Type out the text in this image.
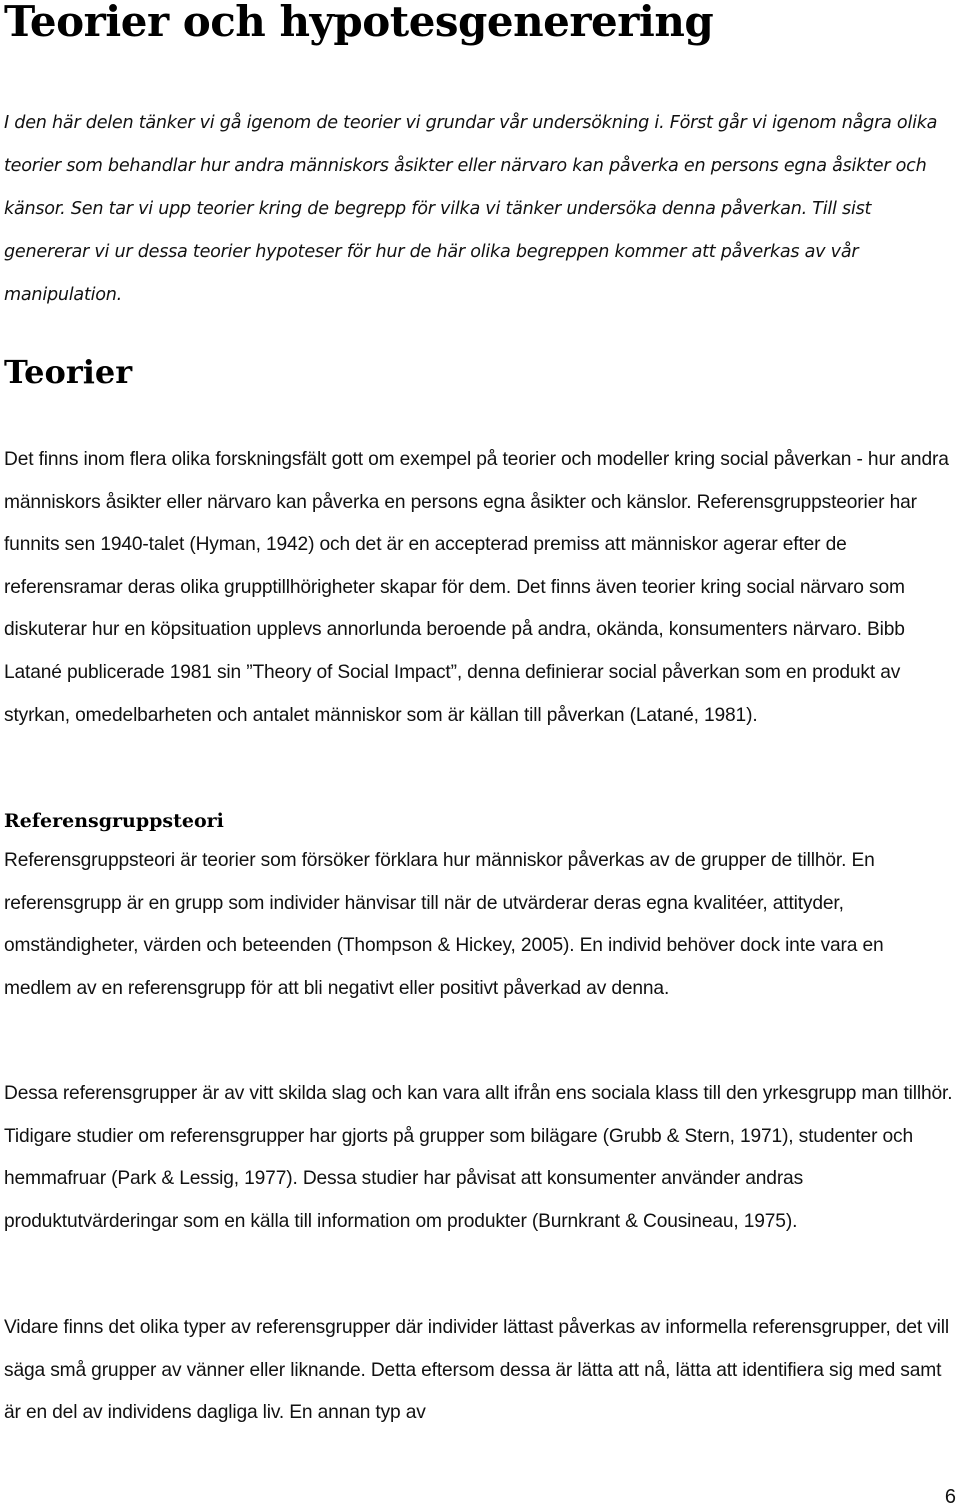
Teorier och hypotesgenerering

I den här delen tänker vi gå igenom de teorier vi grundar vår undersökning i. Först går vi igenom några olika teorier som behandlar hur andra människors åsikter eller närvaro kan påverka en persons egna åsikter och känsor. Sen tar vi upp teorier kring de begrepp för vilka vi tänker undersöka denna påverkan. Till sist genererar vi ur dessa teorier hypoteser för hur de här olika begreppen kommer att påverkas av vår manipulation.

Teorier

Det finns inom flera olika forskningsfält gott om exempel på teorier och modeller kring social påverkan - hur andra människors åsikter eller närvaro kan påverka en persons egna åsikter och känslor. Referensgruppsteorier har funnits sen 1940-talet (Hyman, 1942) och det är en accepterad premiss att människor agerar efter de referensramar deras olika grupptillhörigheter skapar för dem. Det finns även teorier kring social närvaro som diskuterar hur en köpsituation upplevs annorlunda beroende på andra, okända, konsumenters närvaro. Bibb Latané publicerade 1981 sin ”Theory of Social Impact”, denna definierar social påverkan som en produkt av styrkan, omedelbarheten och antalet människor som är källan till påverkan (Latané, 1981).

Referensgruppsteori

Referensgruppsteori är teorier som försöker förklara hur människor påverkas av de grupper de tillhör. En referensgrupp är en grupp som individer hänvisar till när de utvärderar deras egna kvalitéer, attityder, omständigheter, värden och beteenden (Thompson & Hickey, 2005). En individ behöver dock inte vara en medlem av en referensgrupp för att bli negativt eller positivt påverkad av denna.

Dessa referensgrupper är av vitt skilda slag och kan vara allt ifrån ens sociala klass till den yrkesgrupp man tillhör. Tidigare studier om referensgrupper har gjorts på grupper som bilägare (Grubb & Stern, 1971), studenter och hemmafruar (Park & Lessig, 1977). Dessa studier har påvisat att konsumenter använder andras produktutvärderingar som en källa till information om produkter (Burnkrant & Cousineau, 1975).

Vidare finns det olika typer av referensgrupper där individer lättast påverkas av informella referensgrupper, det vill säga små grupper av vänner eller liknande. Detta eftersom dessa är lätta att nå, lätta att identifiera sig med samt är en del av individens dagliga liv. En annan typ av

6
